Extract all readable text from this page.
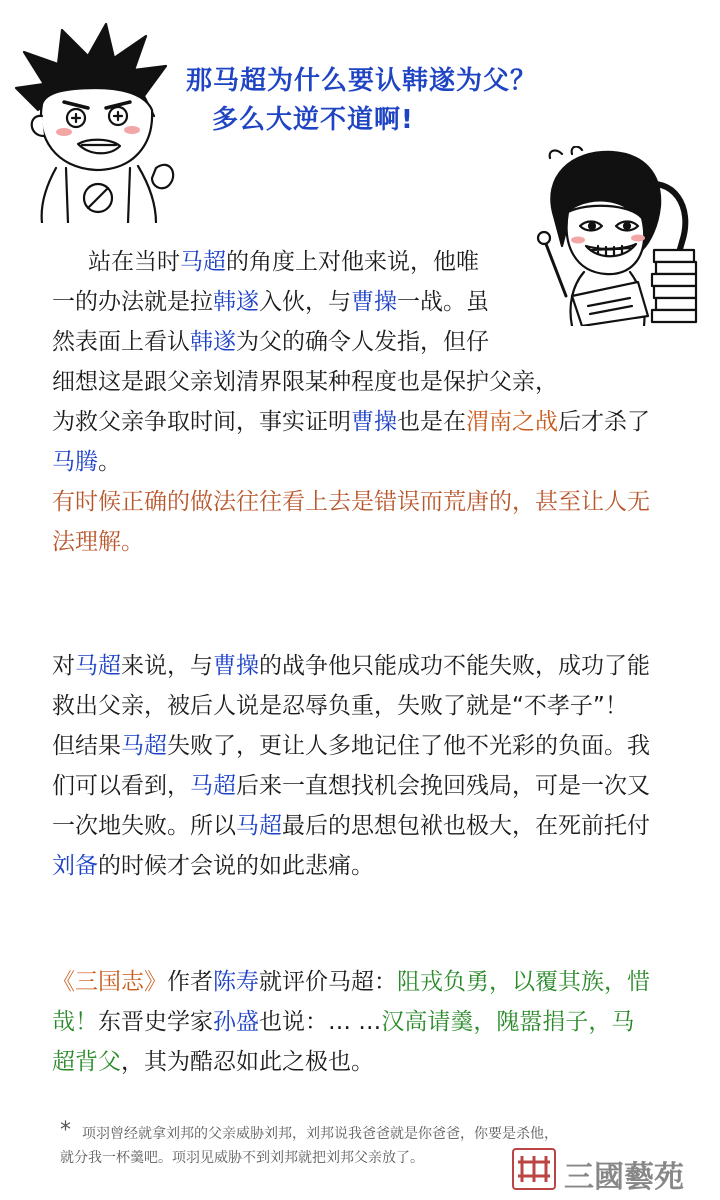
那马超为什么要认韩遂为父？
多么大逆不道啊!
站在当时马超的角度上对他来说，他唯
一的办法就是拉韩遂入伙，与曹操一战。虽
然表面上看认韩遂为父的确令人发指，但仔
细想这是跟父亲划清界限某种程度也是保护父亲，
为救父亲争取时间，事实证明曹操也是在渭南之战后才杀了
马腾。
有时候正确的做法往往看上去是错误而荒唐的，甚至让人无
法理解。
对马超来说，与曹操的战争他只能成功不能失败，成功了能
救出父亲，被后人说是忍辱负重，失败了就是“不孝子”！
但结果马超失败了，更让人多地记住了他不光彩的负面。我
们可以看到，马超后来一直想找机会挽回残局，可是一次又
一次地失败。所以马超最后的思想包袱也极大，在死前托付
刘备的时候才会说的如此悲痛。
《三国志》作者陈寿就评价马超：阻戎负勇，以覆其族，惜
哉！东晋史学家孙盛也说：… …汉高请羹，隗嚣捐子，马
超背父，其为酷忍如此之极也。
* 项羽曾经就拿刘邦的父亲威胁刘邦，刘邦说我爸爸就是你爸爸，你要是杀他，
就分我一杯羹吧。项羽见威胁不到刘邦就把刘邦父亲放了。
三國藝苑
